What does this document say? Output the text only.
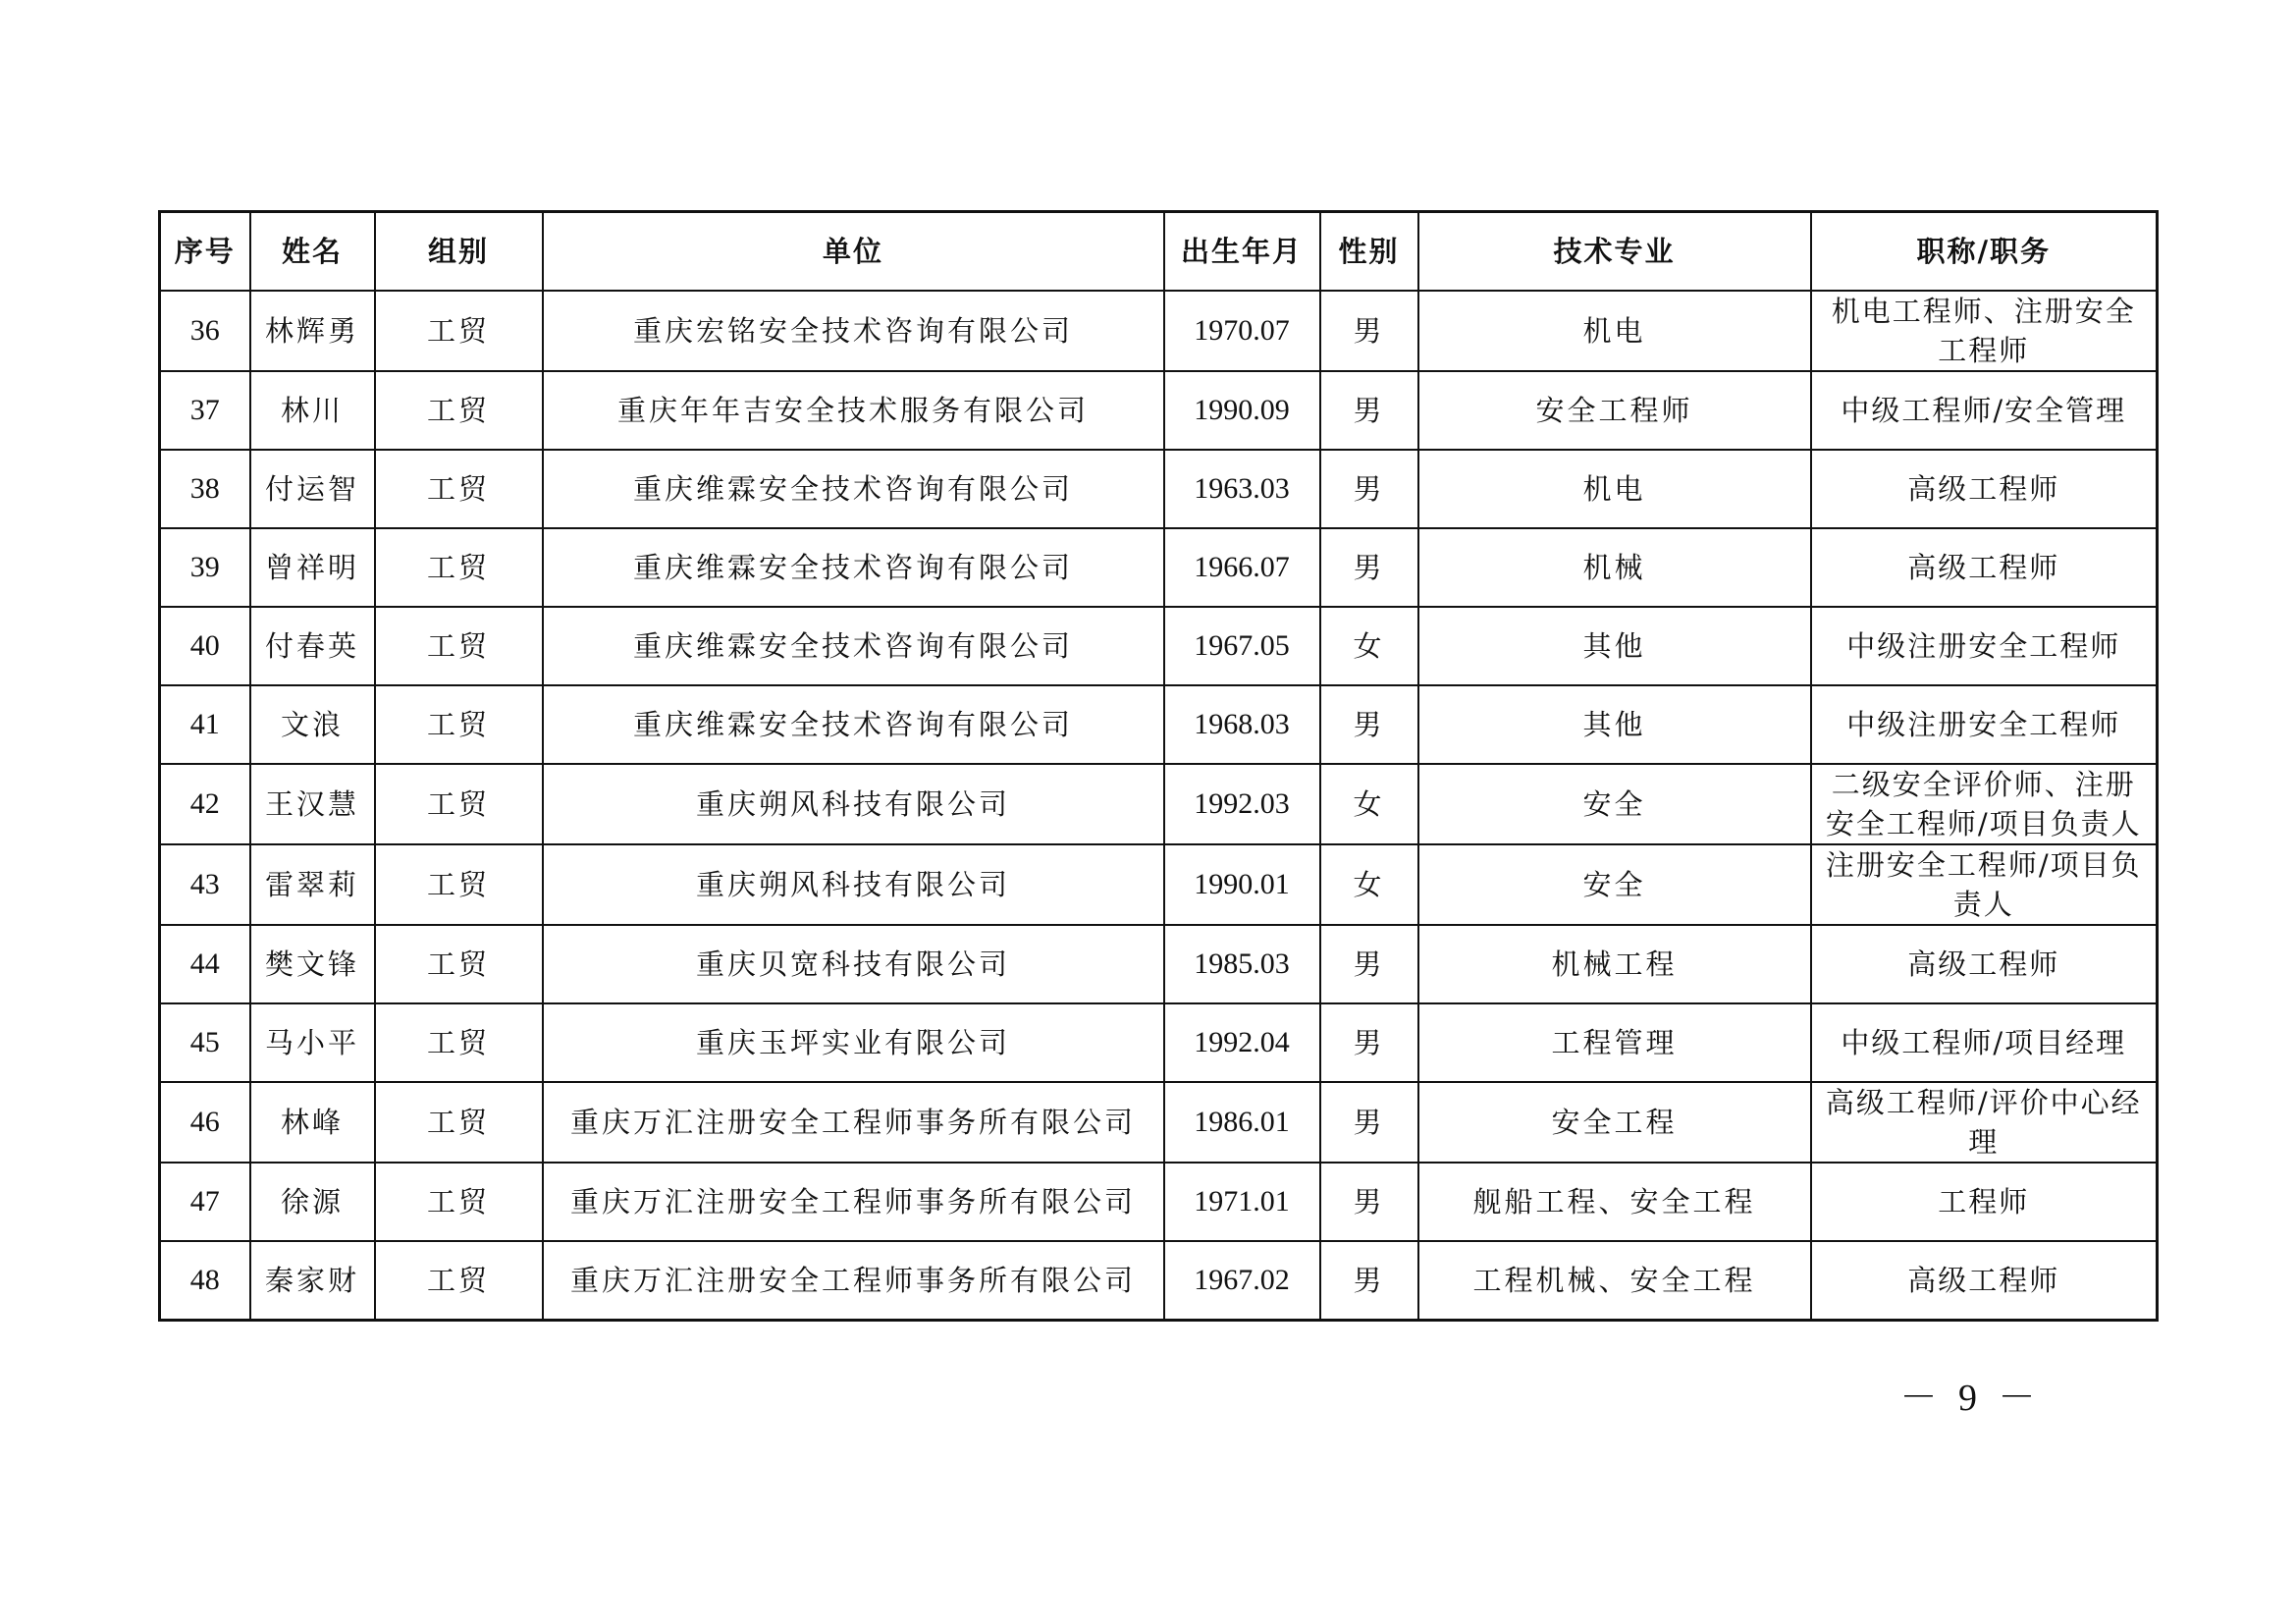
序号	姓名	组别	单位	出生年月	性别	技术专业	职称/职务
36	林辉勇	工贸	重庆宏铭安全技术咨询有限公司	1970.07	男	机电	机电工程师、注册安全工程师
37	林川	工贸	重庆年年吉安全技术服务有限公司	1990.09	男	安全工程师	中级工程师/安全管理
38	付运智	工贸	重庆维霖安全技术咨询有限公司	1963.03	男	机电	高级工程师
39	曾祥明	工贸	重庆维霖安全技术咨询有限公司	1966.07	男	机械	高级工程师
40	付春英	工贸	重庆维霖安全技术咨询有限公司	1967.05	女	其他	中级注册安全工程师
41	文浪	工贸	重庆维霖安全技术咨询有限公司	1968.03	男	其他	中级注册安全工程师
42	王汉慧	工贸	重庆朔风科技有限公司	1992.03	女	安全	二级安全评价师、注册安全工程师/项目负责人
43	雷翠莉	工贸	重庆朔风科技有限公司	1990.01	女	安全	注册安全工程师/项目负责人
44	樊文锋	工贸	重庆贝宽科技有限公司	1985.03	男	机械工程	高级工程师
45	马小平	工贸	重庆玉坪实业有限公司	1992.04	男	工程管理	中级工程师/项目经理
46	林峰	工贸	重庆万汇注册安全工程师事务所有限公司	1986.01	男	安全工程	高级工程师/评价中心经理
47	徐源	工贸	重庆万汇注册安全工程师事务所有限公司	1971.01	男	舰船工程、安全工程	工程师
48	秦家财	工贸	重庆万汇注册安全工程师事务所有限公司	1967.02	男	工程机械、安全工程	高级工程师
－ 9 －
